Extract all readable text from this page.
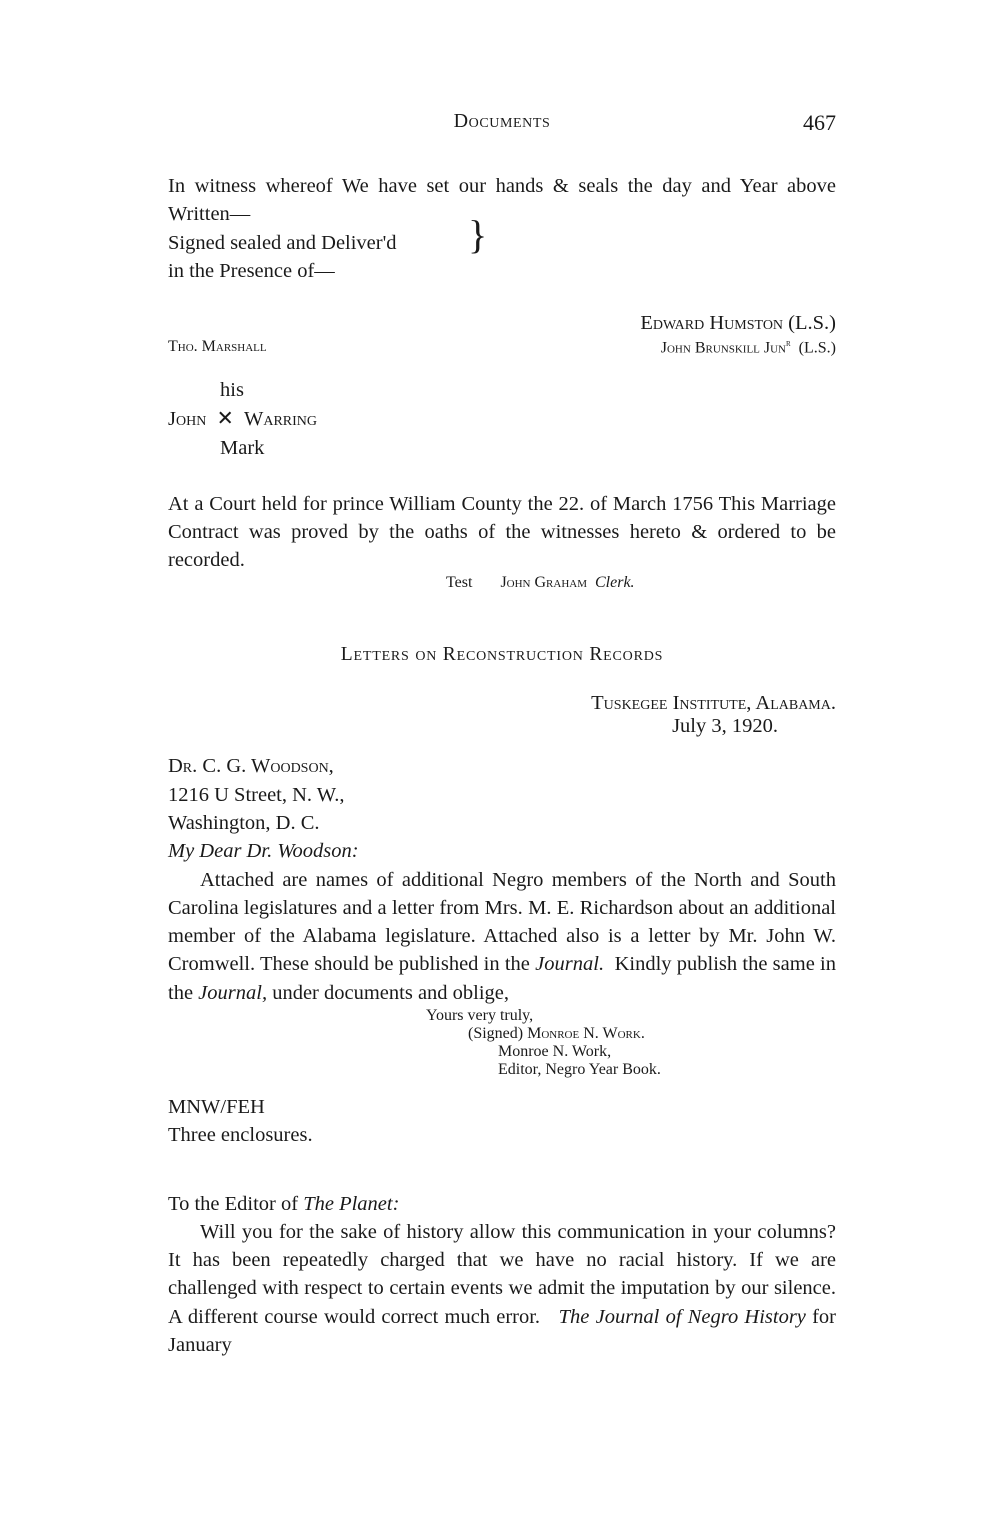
Documents	467
In witness whereof We have set our hands & seals the day and Year above Written—
Signed sealed and Deliver'd
in the Presence of—
}
Edward Humston (L.S.)
Tho. Marshall	John Brunskill Jun$^r$ (L.S.)
his
John ✕ Warring
Mark
At a Court held for prince William County the 22. of March 1756 This Marriage Contract was proved by the oaths of the witnesses hereto & ordered to be recorded.
Test John Graham Clerk.
Letters on Reconstruction Records
Tuskegee Institute, Alabama.
July 3, 1920.
Dr. C. G. Woodson,
1216 U Street, N. W.,
Washington, D. C.
My Dear Dr. Woodson:
Attached are names of additional Negro members of the North and South Carolina legislatures and a letter from Mrs. M. E. Richardson about an additional member of the Alabama legislature. Attached also is a letter by Mr. John W. Cromwell. These should be published in the Journal. Kindly publish the same in the Journal, under documents and oblige,
Yours very truly,
(Signed) Monroe N. Work.
Monroe N. Work,
Editor, Negro Year Book.
MNW/FEH
Three enclosures.
To the Editor of The Planet:
Will you for the sake of history allow this communication in your columns? It has been repeatedly charged that we have no racial history. If we are challenged with respect to certain events we admit the imputation by our silence. A different course would correct much error. The Journal of Negro History for January
